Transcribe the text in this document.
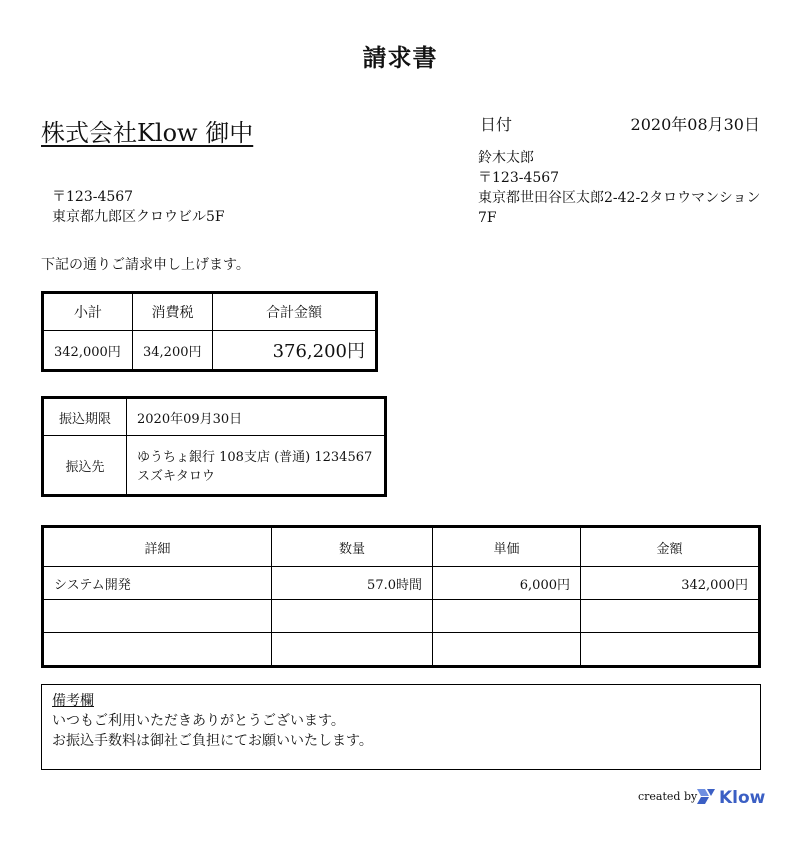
請求書
株式会社Klow 御中	日付	2020年08月30日
鈴木太郎
〒123-4567
東京都世田谷区太郎2-42-2タロウマンション7F
〒123-4567
東京都九郎区クロウビル5F
下記の通りご請求申し上げます。
小計	消費税	合計金額
342,000円	34,200円	376,200円
振込期限	2020年09月30日
振込先	ゆうちょ銀行 108支店 (普通) 1234567
スズキタロウ
詳細	数量	単価	金額
システム開発	57.0時間	6,000円	342,000円

備考欄
いつもご利用いただきありがとうございます。
お振込手数料は御社ご負担にてお願いいたします。
created by Klow
